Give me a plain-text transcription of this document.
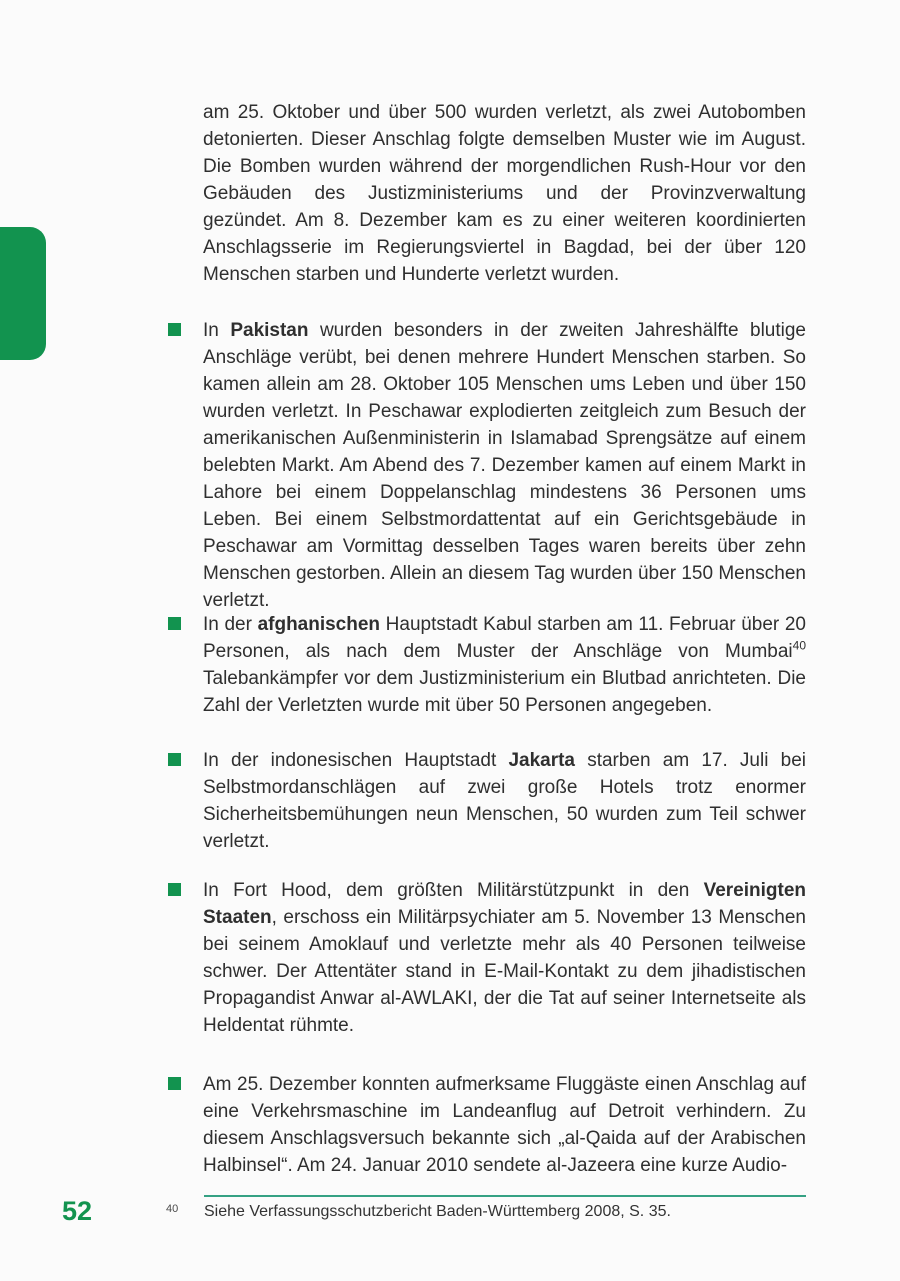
am 25. Oktober und über 500 wurden verletzt, als zwei Autobomben detonierten. Dieser Anschlag folgte demselben Muster wie im August. Die Bomben wurden während der morgendlichen Rush-Hour vor den Gebäuden des Justizministeriums und der Provinzverwaltung gezündet. Am 8. Dezember kam es zu einer weiteren koordinierten Anschlagsserie im Regierungsviertel in Bagdad, bei der über 120 Menschen starben und Hunderte verletzt wurden.

In Pakistan wurden besonders in der zweiten Jahreshälfte blutige Anschläge verübt, bei denen mehrere Hundert Menschen starben. So kamen allein am 28. Oktober 105 Menschen ums Leben und über 150 wurden verletzt. In Peschawar explodierten zeitgleich zum Besuch der amerikanischen Außenministerin in Islamabad Sprengsätze auf einem belebten Markt. Am Abend des 7. Dezember kamen auf einem Markt in Lahore bei einem Doppelanschlag mindestens 36 Personen ums Leben. Bei einem Selbstmordattentat auf ein Gerichtsgebäude in Peschawar am Vormittag desselben Tages waren bereits über zehn Menschen gestorben. Allein an diesem Tag wurden über 150 Menschen verletzt.
In der afghanischen Hauptstadt Kabul starben am 11. Februar über 20 Personen, als nach dem Muster der Anschläge von Mumbai$^{40}$ Talebankämpfer vor dem Justizministerium ein Blutbad anrichteten. Die Zahl der Verletzten wurde mit über 50 Personen angegeben.
In der indonesischen Hauptstadt Jakarta starben am 17. Juli bei Selbstmordanschlägen auf zwei große Hotels trotz enormer Sicherheitsbemühungen neun Menschen, 50 wurden zum Teil schwer verletzt.
In Fort Hood, dem größten Militärstützpunkt in den Vereinigten Staaten, erschoss ein Militärpsychiater am 5. November 13 Menschen bei seinem Amoklauf und verletzte mehr als 40 Personen teilweise schwer. Der Attentäter stand in E-Mail-Kontakt zu dem jihadistischen Propagandist Anwar al-AWLAKI, der die Tat auf seiner Internetseite als Heldentat rühmte.
Am 25. Dezember konnten aufmerksame Fluggäste einen Anschlag auf eine Verkehrsmaschine im Landeanflug auf Detroit verhindern. Zu diesem Anschlagsversuch bekannte sich „al-Qaida auf der Arabischen Halbinsel“. Am 24. Januar 2010 sendete al-Jazeera eine kurze Audio-
52	40 Siehe Verfassungsschutzbericht Baden-Württemberg 2008, S. 35.
